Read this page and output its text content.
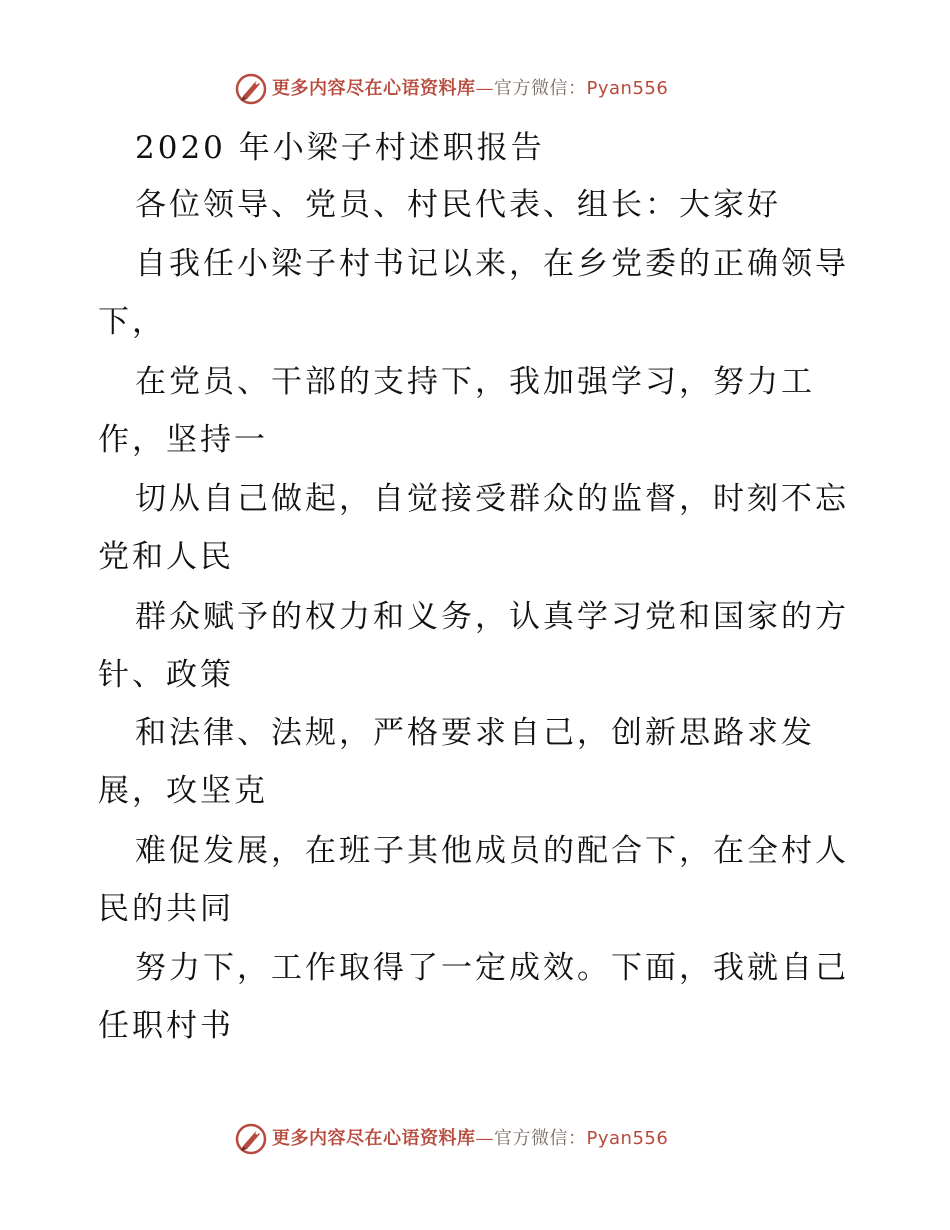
更多内容尽在心语资料库—官方微信：Pyan556
2020 年小梁子村述职报告
各位领导、党员、村民代表、组长：大家好
自我任小梁子村书记以来，在乡党委的正确领导
下，
在党员、干部的支持下，我加强学习，努力工
作，坚持一
切从自己做起，自觉接受群众的监督，时刻不忘
党和人民
群众赋予的权力和义务，认真学习党和国家的方
针、政策
和法律、法规，严格要求自己，创新思路求发
展，攻坚克
难促发展，在班子其他成员的配合下，在全村人
民的共同
努力下，工作取得了一定成效。下面，我就自己
任职村书
更多内容尽在心语资料库—官方微信：Pyan556
